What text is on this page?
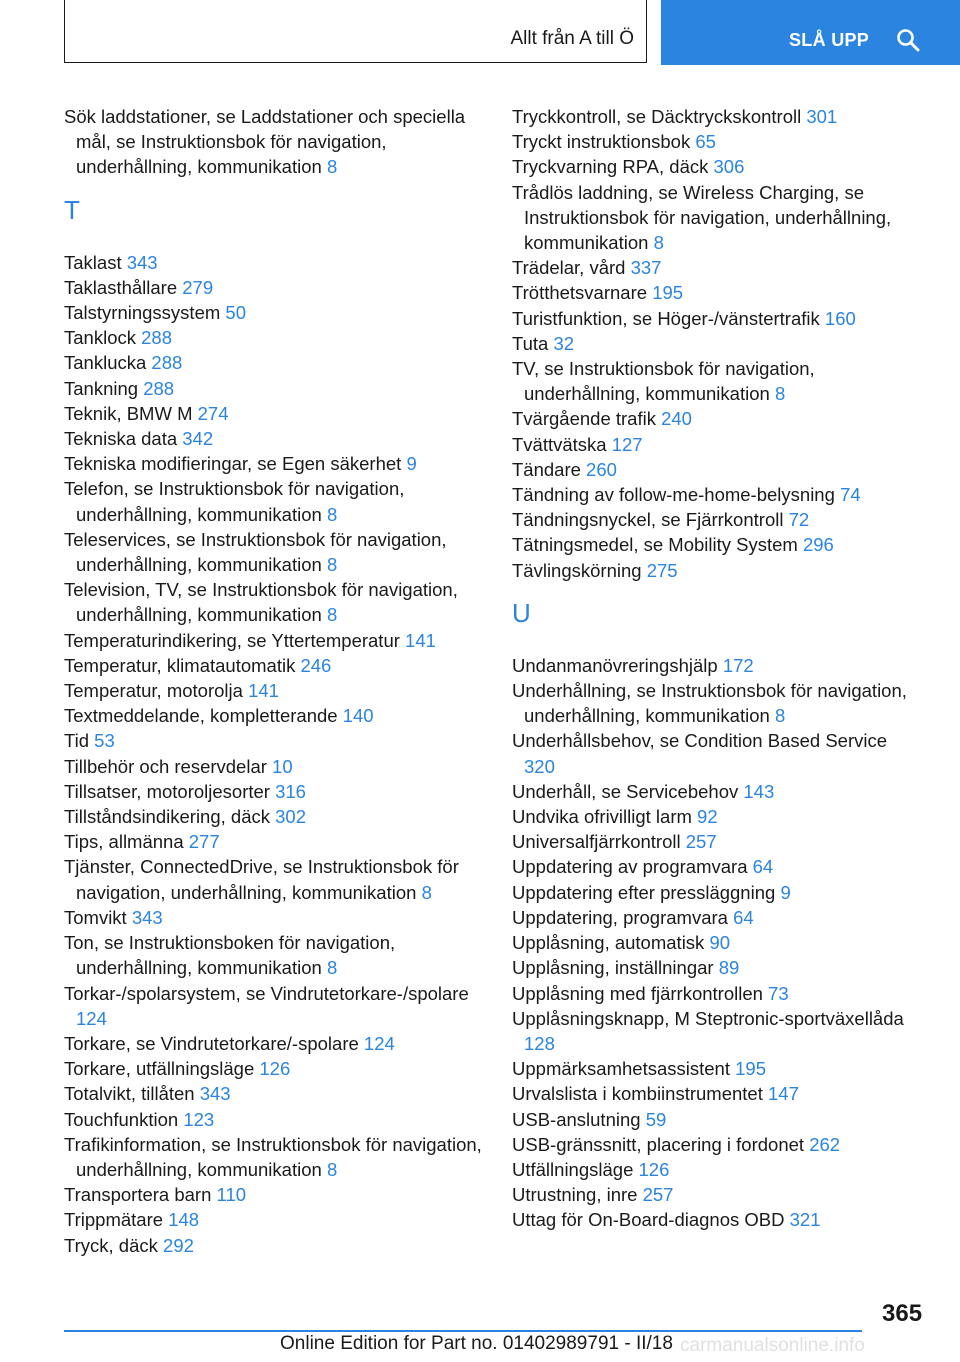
Allt från A till Ö	SLÅ UPP

Sök laddstationer, se Laddstationer och speciella mål, se Instruktionsbok för navigation, underhållning, kommunikation 8

T

Taklast 343

Taklasthållare 279

Talstyrningssystem 50

Tanklock 288

Tanklucka 288

Tankning 288

Teknik, BMW M 274

Tekniska data 342

Tekniska modifieringar, se Egen säkerhet 9

Telefon, se Instruktionsbok för navigation, underhållning, kommunikation 8

Teleservices, se Instruktionsbok för navigation, underhållning, kommunikation 8

Television, TV, se Instruktionsbok för navigation, underhållning, kommunikation 8

Temperaturindikering, se Yttertemperatur 141

Temperatur, klimatautomatik 246

Temperatur, motorolja 141

Textmeddelande, kompletterande 140

Tid 53

Tillbehör och reservdelar 10

Tillsatser, motoroljesorter 316

Tillståndsindikering, däck 302

Tips, allmänna 277

Tjänster, ConnectedDrive, se Instruktionsbok för navigation, underhållning, kommunikation 8

Tomvikt 343

Ton, se Instruktionsboken för navigation, underhållning, kommunikation 8

Torkar-/spolarsystem, se Vindrutetorkare-/spolare 124

Torkare, se Vindrutetorkare/-spolare 124

Torkare, utfällningsläge 126

Totalvikt, tillåten 343

Touchfunktion 123

Trafikinformation, se Instruktionsbok för navigation, underhållning, kommunikation 8

Transportera barn 110

Trippmätare 148

Tryck, däck 292

Tryckkontroll, se Däcktryckskontroll 301

Tryckt instruktionsbok 65

Tryckvarning RPA, däck 306

Trådlös laddning, se Wireless Charging, se Instruktionsbok för navigation, underhållning, kommunikation 8

Trädelar, vård 337

Trötthetsvarnare 195

Turistfunktion, se Höger-/vänstertrafik 160

Tuta 32

TV, se Instruktionsbok för navigation, underhållning, kommunikation 8

Tvärgående trafik 240

Tvättvätska 127

Tändare 260

Tändning av follow-me-home-belysning 74

Tändningsnyckel, se Fjärrkontroll 72

Tätningsmedel, se Mobility System 296

Tävlingskörning 275

U

Undanmanövreringshjälp 172

Underhållning, se Instruktionsbok för navigation, underhållning, kommunikation 8

Underhållsbehov, se Condition Based Service 320

Underhåll, se Servicebehov 143

Undvika ofrivilligt larm 92

Universalfjärrkontroll 257

Uppdatering av programvara 64

Uppdatering efter pressläggning 9

Uppdatering, programvara 64

Upplåsning, automatisk 90

Upplåsning, inställningar 89

Upplåsning med fjärrkontrollen 73

Upplåsningsknapp, M Steptronic-sportväxellåda 128

Uppmärksamhetsassistent 195

Urvalslista i kombiinstrumentet 147

USB-anslutning 59

USB-gränssnitt, placering i fordonet 262

Utfällningsläge 126

Utrustning, inre 257

Uttag för On-Board-diagnos OBD 321

365
Online Edition for Part no. 01402989791 - II/18 carmanualsonline.info
